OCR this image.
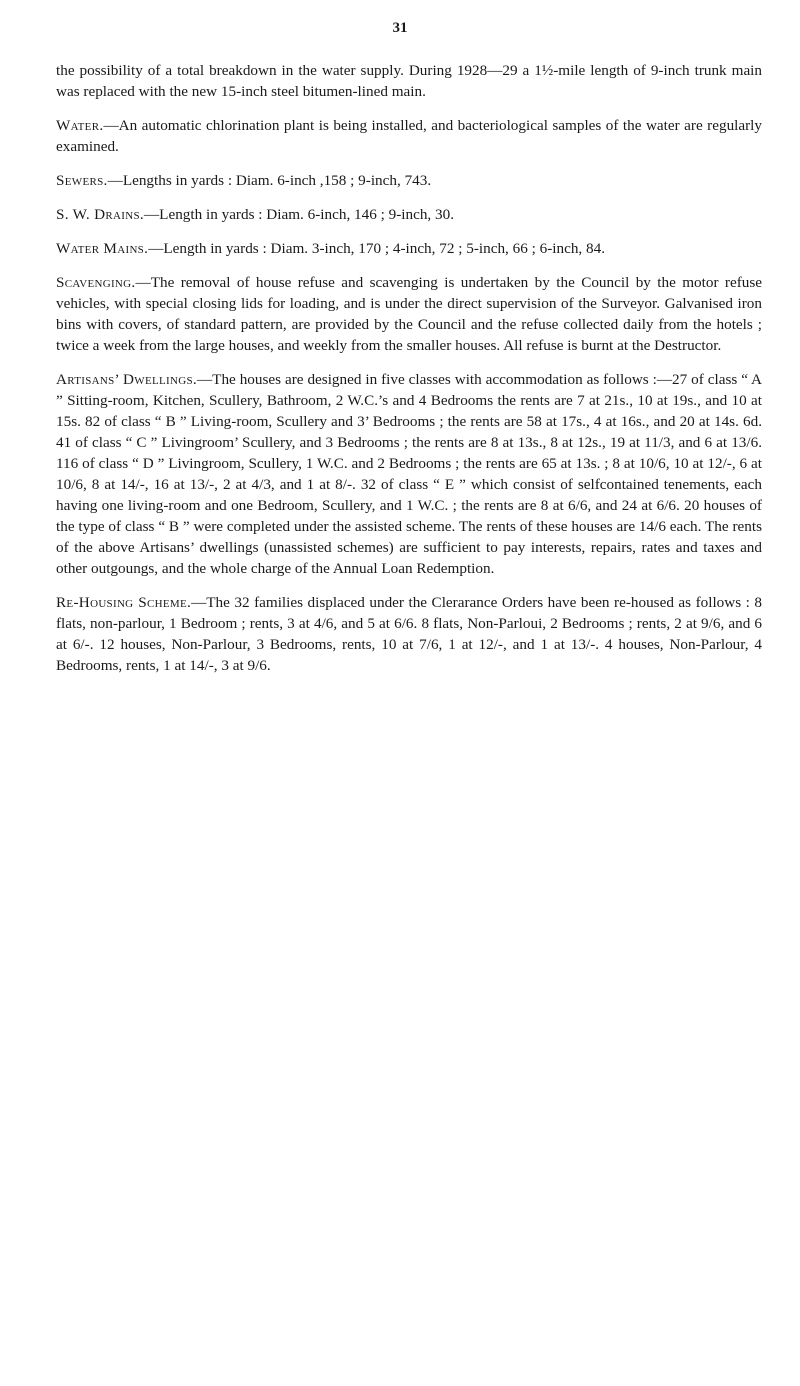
31

the possibility of a total breakdown in the water supply. During 1928—29 a 1½-mile length of 9-inch trunk main was replaced with the new 15-inch steel bitumen-lined main.

Water.—An automatic chlorination plant is being installed, and bacteriological samples of the water are regularly examined.

Sewers.—Lengths in yards : Diam. 6-inch ,158 ; 9-inch, 743.

S. W. Drains.—Length in yards : Diam. 6-inch, 146 ; 9-inch, 30.

Water Mains.—Length in yards : Diam. 3-inch, 170 ; 4-inch, 72 ; 5-inch, 66 ; 6-inch, 84.

Scavenging.—The removal of house refuse and scavenging is undertaken by the Council by the motor refuse vehicles, with special closing lids for loading, and is under the direct supervision of the Surveyor. Galvanised iron bins with covers, of standard pattern, are provided by the Council and the refuse collected daily from the hotels ; twice a week from the large houses, and weekly from the smaller houses. All refuse is burnt at the Destructor.

Artisans’ Dwellings.—The houses are designed in five classes with accommodation as follows :—27 of class “ A ” Sitting-room, Kitchen, Scullery, Bathroom, 2 W.C.’s and 4 Bedrooms the rents are 7 at 21s., 10 at 19s., and 10 at 15s. 82 of class “ B ” Living-room, Scullery and 3’ Bedrooms ; the rents are 58 at 17s., 4 at 16s., and 20 at 14s. 6d. 41 of class “ C ” Livingroom’ Scullery, and 3 Bedrooms ; the rents are 8 at 13s., 8 at 12s., 19 at 11/3, and 6 at 13/6. 116 of class “ D ” Livingroom, Scullery, 1 W.C. and 2 Bedrooms ; the rents are 65 at 13s. ; 8 at 10/6, 10 at 12/-, 6 at 10/6, 8 at 14/-, 16 at 13/-, 2 at 4/3, and 1 at 8/-. 32 of class “ E ” which consist of selfcontained tenements, each having one living-room and one Bedroom, Scullery, and 1 W.C. ; the rents are 8 at 6/6, and 24 at 6/6. 20 houses of the type of class “ B ” were completed under the assisted scheme. The rents of these houses are 14/6 each. The rents of the above Artisans’ dwellings (unassisted schemes) are sufficient to pay interests, repairs, rates and taxes and other outgoungs, and the whole charge of the Annual Loan Redemption.

Re-Housing Scheme.—The 32 families displaced under the Clerarance Orders have been re-housed as follows : 8 flats, non-parlour, 1 Bedroom ; rents, 3 at 4/6, and 5 at 6/6. 8 flats, Non-Parloui, 2 Bedrooms ; rents, 2 at 9/6, and 6 at 6/-. 12 houses, Non-Parlour, 3 Bedrooms, rents, 10 at 7/6, 1 at 12/-, and 1 at 13/-. 4 houses, Non-Parlour, 4 Bedrooms, rents, 1 at 14/-, 3 at 9/6.
